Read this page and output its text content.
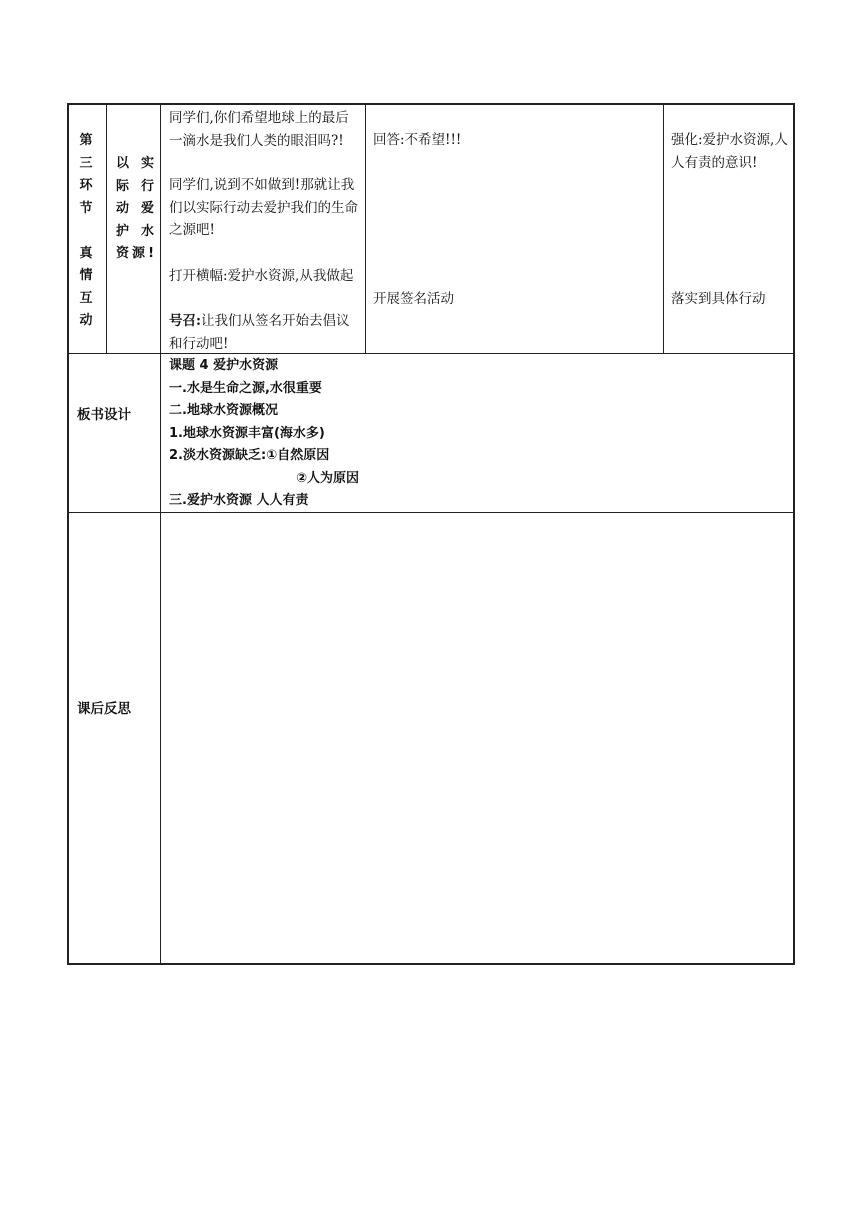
第
三
环
节
真
情
互
动
以 实
际 行
动 爱
护 水
资源!
同学们,你们希望地球上的最后一滴水是我们人类的眼泪吗?!
同学们,说到不如做到!那就让我们以实际行动去爱护我们的生命之源吧!
打开横幅:爱护水资源,从我做起
号召:让我们从签名开始去倡议和行动吧!
回答:不希望!!!
开展签名活动
强化:爱护水资源,人人有责的意识!
落实到具体行动
板书设计
课题 4 爱护水资源
一.水是生命之源,水很重要
二.地球水资源概况
1.地球水资源丰富(海水多)
2.淡水资源缺乏:①自然原因
②人为原因
三.爱护水资源 人人有责
课后反思
